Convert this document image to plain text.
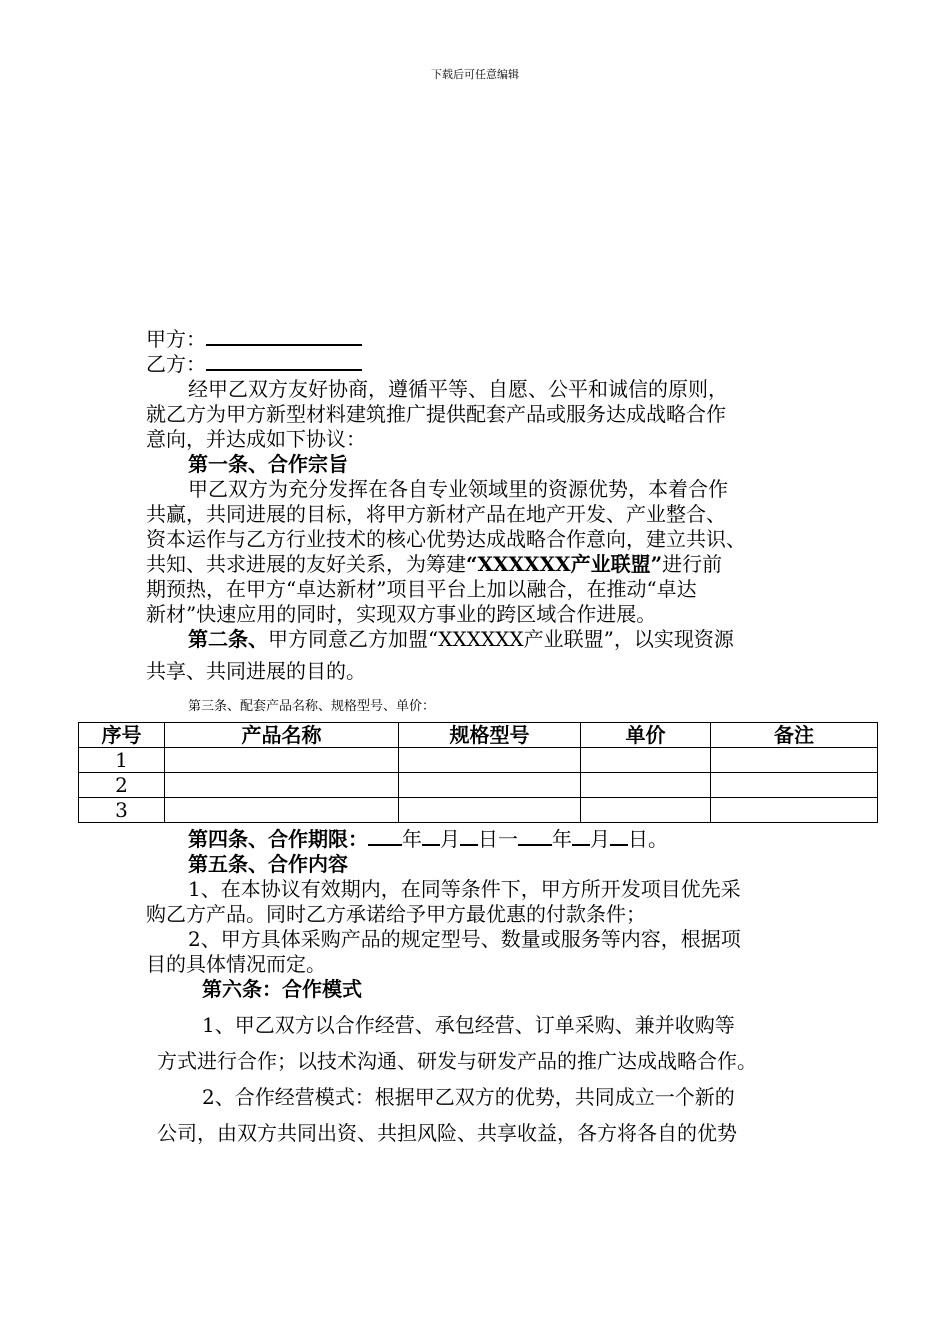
下载后可任意编辑
甲方：
乙方：
经甲乙双方友好协商，遵循平等、自愿、公平和诚信的原则，
就乙方为甲方新型材料建筑推广提供配套产品或服务达成战略合作
意向，并达成如下协议：
第一条、合作宗旨
甲乙双方为充分发挥在各自专业领域里的资源优势，本着合作
共赢，共同进展的目标，将甲方新材产品在地产开发、产业整合、
资本运作与乙方行业技术的核心优势达成战略合作意向，建立共识、
共知、共求进展的友好关系，为筹建“XXXXXX产业联盟”进行前
期预热，在甲方“卓达新材”项目平台上加以融合，在推动“卓达
新材”快速应用的同时，实现双方事业的跨区域合作进展。
第二条、甲方同意乙方加盟“XXXXXX产业联盟”，以实现资源
共享、共同进展的目的。
第三条、配套产品名称、规格型号、单价：
序号	产品名称	规格型号	单价	备注
1				
2				
3				
第四条、合作期限： 年 月 日一 年 月 日。
第五条、合作内容
1、在本协议有效期内，在同等条件下，甲方所开发项目优先采
购乙方产品。同时乙方承诺给予甲方最优惠的付款条件；
2、甲方具体采购产品的规定型号、数量或服务等内容，根据项
目的具体情况而定。
第六条：合作模式
1、甲乙双方以合作经营、承包经营、订单采购、兼并收购等
方式进行合作；以技术沟通、研发与研发产品的推广达成战略合作。
2、合作经营模式：根据甲乙双方的优势，共同成立一个新的
公司，由双方共同出资、共担风险、共享收益，各方将各自的优势
